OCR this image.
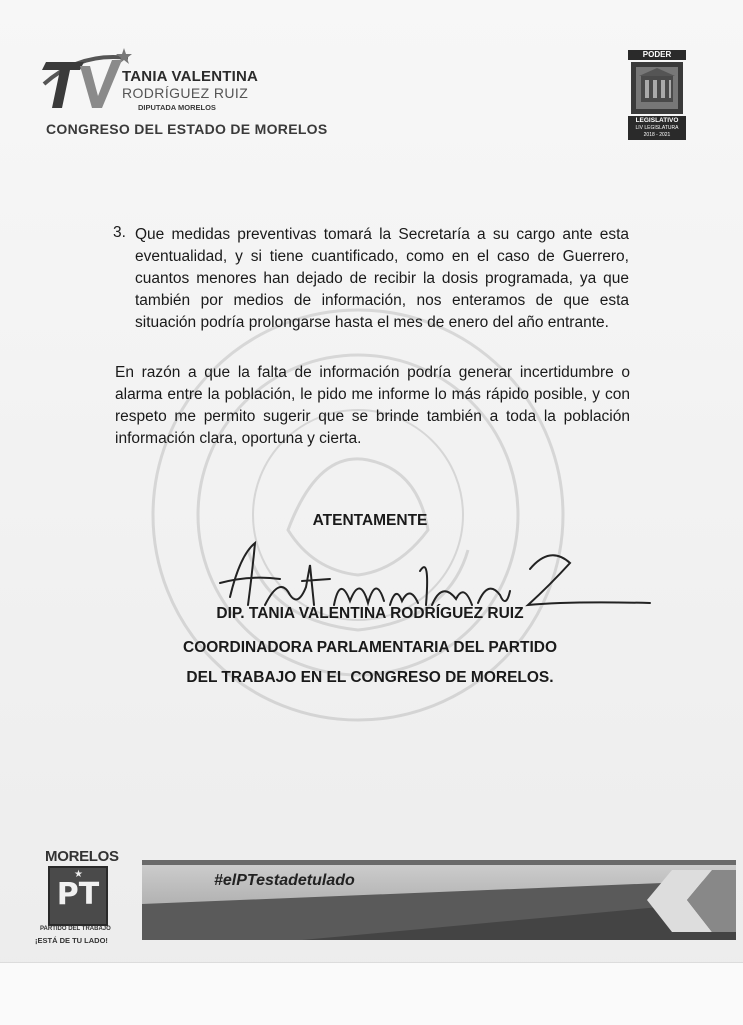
TANIA VALENTINA
RODRÍGUEZ RUIZ
DIPUTADA MORELOS
CONGRESO DEL ESTADO DE MORELOS
PODER
LEGISLATIVO
LIV LEGISLATURA
2018 - 2021
3. Que medidas preventivas tomará la Secretaría a su cargo ante esta eventualidad, y si tiene cuantificado, como en el caso de Guerrero, cuantos menores han dejado de recibir la dosis programada, ya que también por medios de información, nos enteramos de que esta situación podría prolongarse hasta el mes de enero del año entrante.
En razón a que la falta de información podría generar incertidumbre o alarma entre la población, le pido me informe lo más rápido posible, y con respeto me permito sugerir que se brinde también a toda la población información clara, oportuna y cierta.
ATENTAMENTE
DIP. TANIA VALENTINA RODRÍGUEZ RUIZ
COORDINADORA PARLAMENTARIA DEL PARTIDO
DEL TRABAJO EN EL CONGRESO DE MORELOS.
MORELOS
★
PT
PARTIDO DEL TRABAJO
¡ESTÁ DE TU LADO!
#elPTestadetulado
